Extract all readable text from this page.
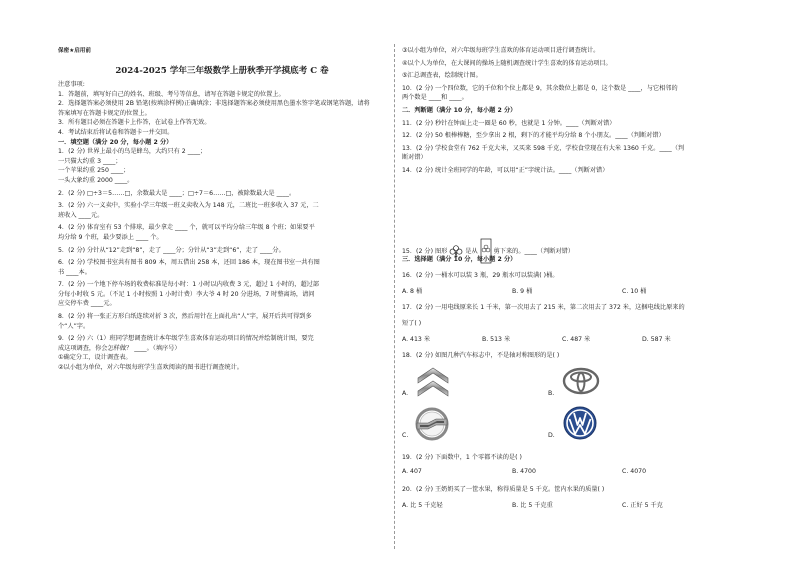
保密★启用前
2024-2025 学年三年级数学上册秋季开学摸底考 C 卷
注意事项:
1．答题前，填写好自己的姓名、班级、考号等信息，请写在答题卡规定的位置上。
2．选择题答案必须使用 2B 铅笔(按填涂样例)正确填涂；非选择题答案必须使用黑色墨水签字笔或钢笔答题，请将
答案填写在答题卡规定的位置上。
3．所有题目必须在答题卡上作答，在试卷上作答无效。
4．考试结束后将试卷和答题卡一并交回。
一．填空题（满分 20 分，每小题 2 分）
1．(2 分) 世界上最小的鸟是蜂鸟，大约只有 2 ____；
一只猫大约重 3 ____；
一个苹果约重 250 ____；
一头大象约重 2000 ____。
2．(2 分) □÷3＝5……□，余数最大是 ____；□÷7＝6……□，被除数最大是 ____。
3．(2 分) 六一义卖中，实验小学三年级一班义卖收入为 148 元，二班比一班多收入 37 元，二
班收入 ____元。
4．(2 分) 体育室有 53 个排球，最少拿走 ____ 个，就可以平均分给三年级 8 个班；如果要平
均分给 9 个班，最少要添上 ____ 个。
5．(2 分) 分针从“12”走到“8”，走了 ____分；分针从“3”走到“6”，走了 ____分。
6．(2 分) 学校图书室共有图书 809 本，周五借出 258 本，还回 186 本，现在图书室一共有图
书 ____本。
7．(2 分) 一个地下停车场的收费标准是每小时：1 小时以内收费 3 元，超过 1 小时的，超过部
分每小时收 5 元。（不足 1 小时按照 1 小时计费）李大爷 4 时 20 分进场，7 时整离场，请问
应交停车费 ____元。
8．(2 分) 将一张正方形白纸连续对折 3 次，然后用针在上面扎出“人”字，展开后共可得到多
个“人”字。
9．(2 分) 六（1）班同学想调查统计本年级学生喜欢体育运动项目的情况并绘制统计图，要完
成这项调查，你会怎样做？ ____。（填序号）
①确定分工，设计调查表。
②以小组为单位，对六年级每班学生喜欢阅读的图书进行调查统计。
③以小组为单位，对六年级每班学生喜欢的体育运动项目进行调查统计。
④以个人为单位，在大课间的操场上随机调查统计学生喜欢的体育运动项目。
⑤汇总调查表，绘制统计图。
10．(2 分) 一个四位数，它的千位和个位上都是 9，其余数位上都是 0，这个数是 ____，与它相邻的
两个数是 ____和 ____。
二．判断题（满分 10 分，每小题 2 分）
11．(2 分) 秒针在钟面上走一圈是 60 秒，也就是 1 分钟。____（判断对错）
12．(2 分) 50 根棒棒糖，至少拿出 2 根，剩下的才能平均分给 8 个小朋友。____（判断对错）
13．(2 分) 学校食堂有 762 千克大米，又买来 598 千克，学校食堂现在有大米 1360 千克。____（判
断对错）
14．(2 分) 统计全班同学的年龄，可以用“正”字统计法。____（判断对错）
15．(2 分) 图形	是从	剪下来的。____（判断对错）
三．选择题（满分 10 分，每小题 2 分）
16．(2 分) 一桶水可以装 3 瓶，29 瓶水可以装满( )桶。
A. 8 桶	B. 9 桶	C. 10 桶
17．(2 分) 一用电线原来长 1 千米，第一次用去了 215 米，第二次用去了 372 米，这捆电线比原来的
短了( )
A. 413 米	B. 513 米	C. 487 米	D. 587 米
18．(2 分) 如图几种汽车标志中，不是轴对称图形的是( )
A.	B.
C.	D.
19．(2 分) 下面数中，1 个零都不读的是( )
A. 407	B. 4700	C. 4070
20．(2 分) 王奶奶买了一筐水果，称得质量是 5 千克。筐内水果的质量( )
A. 比 5 千克轻	B. 比 5 千克重	C. 正好 5 千克
